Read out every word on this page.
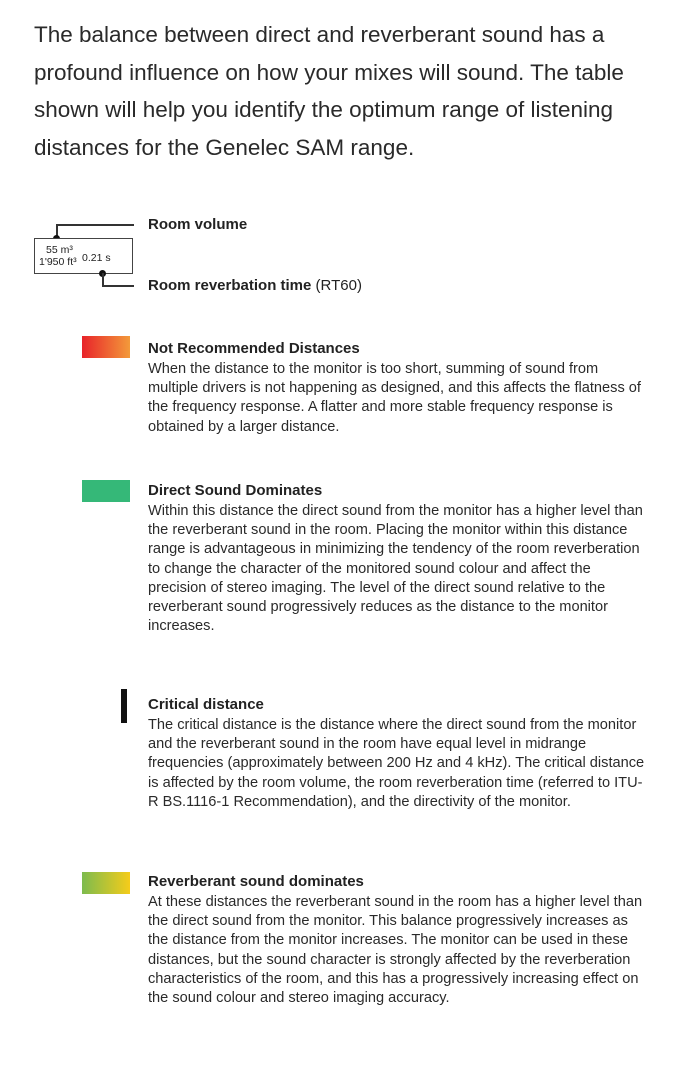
The balance between direct and reverberant sound has a profound influence on how your mixes will sound. The table shown will help you identify the optimum range of listening distances for the Genelec SAM range.

55 m³
1'950 ft³ 0.21 s
Room volume
Room reverbation time (RT60)
Not Recommended Distances

When the distance to the monitor is too short, summing of sound from multiple drivers is not happening as designed, and this affects the flatness of the frequency response. A flatter and more stable frequency response is obtained by a larger distance.

Direct Sound Dominates

Within this distance the direct sound from the monitor has a higher level than the reverberant sound in the room. Placing the monitor within this distance range is advantageous in minimizing the tendency of the room reverberation to change the character of the monitored sound colour and affect the precision of stereo imaging. The level of the direct sound relative to the reverberant sound progressively reduces as the distance to the monitor increases.

Critical distance

The critical distance is the distance where the direct sound from the monitor and the reverberant sound in the room have equal level in midrange frequencies (approximately between 200 Hz and 4 kHz). The critical distance is affected by the room volume, the room reverberation time (referred to ITU-R BS.1116-1 Recommendation), and the directivity of the monitor.

Reverberant sound dominates

At these distances the reverberant sound in the room has a higher level than the direct sound from the monitor. This balance progressively increases as the distance from the monitor increases. The monitor can be used in these distances, but the sound character is strongly affected by the reverberation characteristics of the room, and this has a progressively increasing effect on the sound colour and stereo imaging accuracy.
